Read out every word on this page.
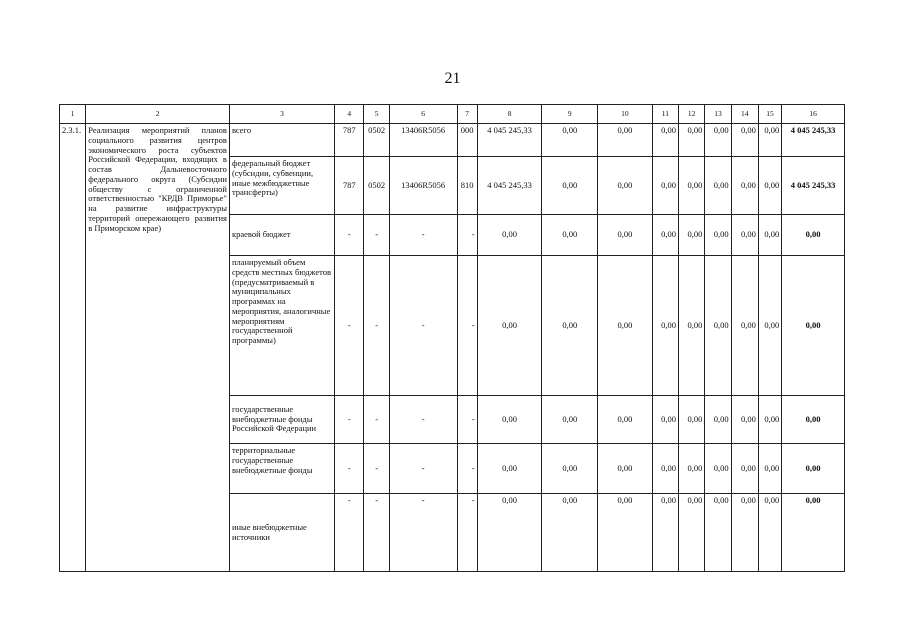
21
1	2	3	4	5	6	7	8	9	10	11	12	13	14	15	16
2.3.1.	Реализация мероприятий планов социального развития центров экономического роста субъектов Российской Федерации, входящих в состав Дальневосточного федерального округа (Субсидии обществу с ограниченной ответственностью "КРДВ Приморье" на развитие инфраструктуры территорий опережающего развития в Приморском крае)	всего	787	0502	13406R5056	000	4 045 245,33	0,00	0,00	0,00	0,00	0,00	0,00	0,00	4 045 245,33
		федеральный бюджет (субсидии, субвенции, иные межбюджетные трансферты)	787	0502	13406R5056	810	4 045 245,33	0,00	0,00	0,00	0,00	0,00	0,00	0,00	4 045 245,33
		краевой бюджет	-	-	-	-	0,00	0,00	0,00	0,00	0,00	0,00	0,00	0,00	0,00
		планируемый объем средств местных бюджетов (предусматриваемый в муниципальных программах на мероприятия, аналогичные мероприятиям государственной программы)	-	-	-	-	0,00	0,00	0,00	0,00	0,00	0,00	0,00	0,00	0,00
		государственные внебюджетные фонды Российской Федерации	-	-	-	-	0,00	0,00	0,00	0,00	0,00	0,00	0,00	0,00	0,00
		территориальные государственные внебюджетные фонды	-	-	-	-	0,00	0,00	0,00	0,00	0,00	0,00	0,00	0,00	0,00
		иные внебюджетные источники	-	-	-	-	0,00	0,00	0,00	0,00	0,00	0,00	0,00	0,00	0,00
